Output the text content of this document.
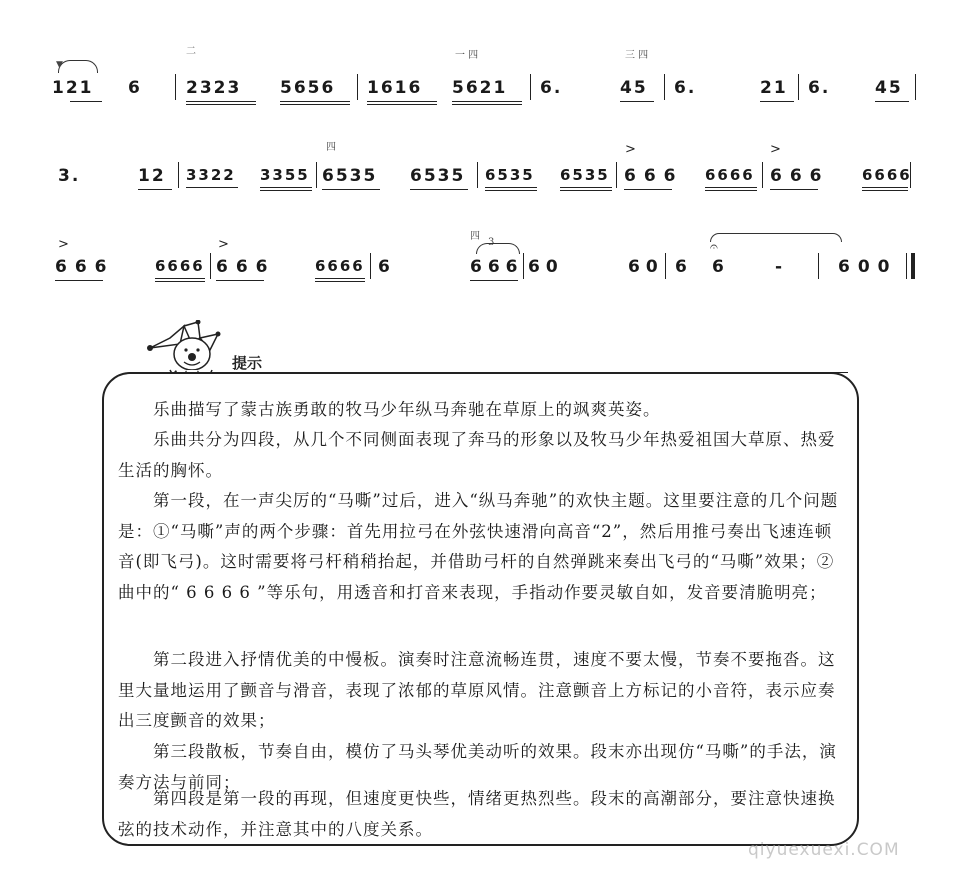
▼
二	一 四	三 四
121 6	2323 5656 1616 5621 6.	45 6.	21 6.	45
四	>	>
3.	12 3322 3355 6535 6535 6535 6535 666 6666 666 6666
>	>
四
3	𝄐
666	6666 666	6666 6	666 60	60 6 6	-	600
提示
　　乐曲描写了蒙古族勇敢的牧马少年纵马奔驰在草原上的飒爽英姿。
　　乐曲共分为四段，从几个不同侧面表现了奔马的形象以及牧马少年热爱祖国大草原、热爱生活的胸怀。
　　第一段，在一声尖厉的“马嘶”过后，进入“纵马奔驰”的欢快主题。这里要注意的几个问题是：①“马嘶”声的两个步骤：首先用拉弓在外弦快速滑向高音“2”，然后用推弓奏出飞速连顿音(即飞弓)。这时需要将弓杆稍稍抬起，并借助弓杆的自然弹跳来奏出飞弓的“马嘶”效果；②曲中的“ 6 6 6 6 ”等乐句，用透音和打音来表现，手指动作要灵敏自如，发音要清脆明亮；
　　第二段进入抒情优美的中慢板。演奏时注意流畅连贯，速度不要太慢，节奏不要拖沓。这里大量地运用了颤音与滑音，表现了浓郁的草原风情。注意颤音上方标记的小音符，表示应奏出三度颤音的效果；
　　第三段散板，节奏自由，模仿了马头琴优美动听的效果。段末亦出现仿“马嘶”的手法，演奏方法与前同；
　　第四段是第一段的再现，但速度更快些，情绪更热烈些。段末的高潮部分，要注意快速换弦的技术动作，并注意其中的八度关系。
qiyuexuexi.COM
